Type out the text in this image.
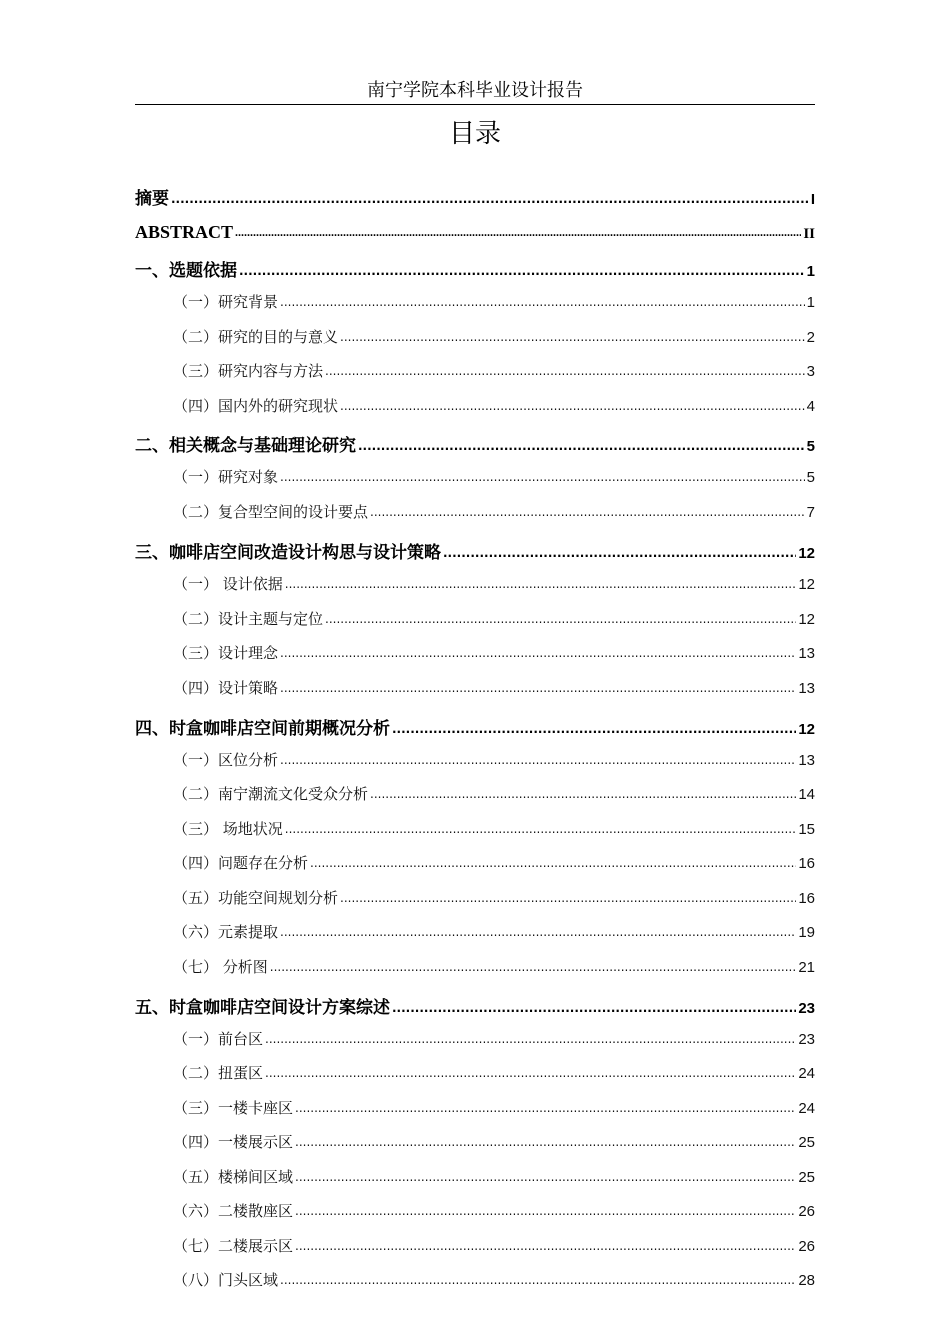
南宁学院本科毕业设计报告
目录
摘要 .....	I
ABSTRACT .....	II
一、选题依据 .....	1
（一）研究背景 .....	1
（二）研究的目的与意义 .....	2
（三）研究内容与方法 .....	3
（四）国内外的研究现状 .....	4
二、相关概念与基础理论研究 .....	5
（一）研究对象 .....	5
（二）复合型空间的设计要点 .....	7
三、咖啡店空间改造设计构思与设计策略 .....	12
（一） 设计依据 .....	12
（二）设计主题与定位 .....	12
（三）设计理念 .....	13
（四）设计策略 .....	13
四、时盒咖啡店空间前期概况分析 .....	12
（一）区位分析 .....	13
（二）南宁潮流文化受众分析 .....	14
（三） 场地状况 .....	15
（四）问题存在分析 .....	16
（五）功能空间规划分析 .....	16
（六）元素提取 .....	19
（七） 分析图 .....	21
五、时盒咖啡店空间设计方案综述 .....	23
（一）前台区 .....	23
（二）扭蛋区 .....	24
（三）一楼卡座区 .....	24
（四）一楼展示区 .....	25
（五）楼梯间区域 .....	25
（六）二楼散座区 .....	26
（七）二楼展示区 .....	26
（八）门头区域 .....	28
